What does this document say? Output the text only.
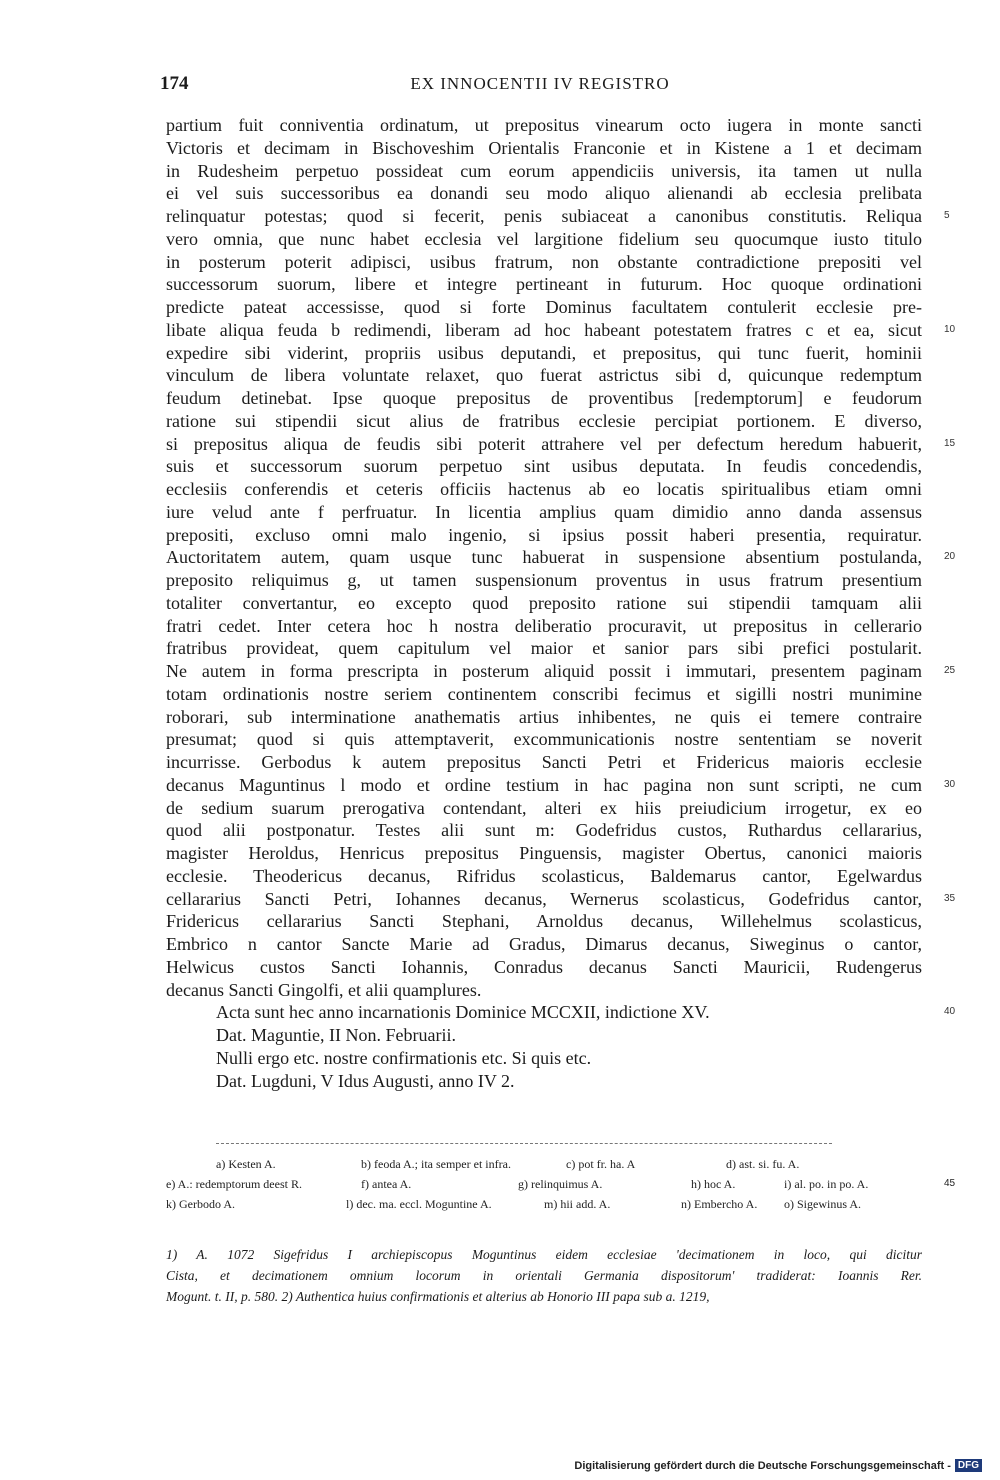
174	EX INNOCENTII IV REGISTRO
partium fuit conniventia ordinatum, ut prepositus vinearum octo iugera in monte sancti
Victoris et decimam in Bischoveshim Orientalis Franconie et in Kistene a 1 et decimam
in Rudesheim perpetuo possideat cum eorum appendiciis universis, ita tamen ut nulla
ei vel suis successoribus ea donandi seu modo aliquo alienandi ab ecclesia prelibata
relinquatur potestas; quod si fecerit, penis subiaceat a canonibus constitutis. Reliqua 5
vero omnia, que nunc habet ecclesia vel largitione fidelium seu quocumque iusto titulo
in posterum poterit adipisci, usibus fratrum, non obstante contradictione prepositi vel
successorum suorum, libere et integre pertineant in futurum. Hoc quoque ordinationi
predicte pateat accessisse, quod si forte Dominus facultatem contulerit ecclesie pre-
libate aliqua feuda b redimendi, liberam ad hoc habeant potestatem fratres c et ea, sicut 10
expedire sibi viderint, propriis usibus deputandi, et prepositus, qui tunc fuerit, hominii
vinculum de libera voluntate relaxet, quo fuerat astrictus sibi d, quicunque redemptum
feudum detinebat. Ipse quoque prepositus de proventibus [redemptorum] e feudorum
ratione sui stipendii sicut alius de fratribus ecclesie percipiat portionem. E diverso,
si prepositus aliqua de feudis sibi poterit attrahere vel per defectum heredum habuerit, 15
suis et successorum suorum perpetuo sint usibus deputata. In feudis concedendis,
ecclesiis conferendis et ceteris officiis hactenus ab eo locatis spiritualibus etiam omni
iure velud ante f perfruatur. In licentia amplius quam dimidio anno danda assensus
prepositi, excluso omni malo ingenio, si ipsius possit haberi presentia, requiratur.
Auctoritatem autem, quam usque tunc habuerat in suspensione absentium postulanda, 20
preposito reliquimus g, ut tamen suspensionum proventus in usus fratrum presentium
totaliter convertantur, eo excepto quod preposito ratione sui stipendii tamquam alii
fratri cedet. Inter cetera hoc h nostra deliberatio procuravit, ut prepositus in cellerario
fratribus provideat, quem capitulum vel maior et sanior pars sibi prefici postularit.
Ne autem in forma prescripta in posterum aliquid possit i immutari, presentem paginam 25
totam ordinationis nostre seriem continentem conscribi fecimus et sigilli nostri munimine
roborari, sub interminatione anathematis artius inhibentes, ne quis ei temere contraire
presumat; quod si quis attemptaverit, excommunicationis nostre sententiam se noverit
incurrisse. Gerbodus k autem prepositus Sancti Petri et Fridericus maioris ecclesie
decanus Maguntinus l modo et ordine testium in hac pagina non sunt scripti, ne cum 30
de sedium suarum prerogativa contendant, alteri ex hiis preiudicium irrogetur, ex eo
quod alii postponatur. Testes alii sunt m: Godefridus custos, Ruthardus cellararius,
magister Heroldus, Henricus prepositus Pinguensis, magister Obertus, canonici maioris
ecclesie. Theodericus decanus, Rifridus scolasticus, Baldemarus cantor, Egelwardus
cellararius Sancti Petri, Iohannes decanus, Wernerus scolasticus, Godefridus cantor, 35
Fridericus cellararius Sancti Stephani, Arnoldus decanus, Willehelmus scolasticus,
Embrico n cantor Sancte Marie ad Gradus, Dimarus decanus, Siweginus o cantor,
Helwicus custos Sancti Iohannis, Conradus decanus Sancti Mauricii, Rudengerus
decanus Sancti Gingolfi, et alii quamplures.
Acta sunt hec anno incarnationis Dominice MCCXII, indictione XV.	40
Dat. Maguntie, II Non. Februarii.
Nulli ergo etc. nostre confirmationis etc. Si quis etc.
Dat. Lugduni, V Idus Augusti, anno IV 2.
a) Kesten A.	b) feoda A.; ita semper et infra.	c) pot fr. ha. A	d) ast. si. fu. A.
e) A.: redemptorum deest R.	f) antea A.	g) relinquimus A.	h) hoc A.	i) al. po. in po. A.	45
k) Gerbodo A.	l) dec. ma. eccl. Moguntine A.	m) hii add. A.	n) Embercho A. o) Sigewinus A.
1) A. 1072 Sigefridus I archiepiscopus Moguntinus eidem ecclesiae 'decimationem in loco, qui dicitur
Cista, et decimationem omnium locorum in orientali Germania dispositorum' tradiderat: Ioannis Rer.
Mogunt. t. II, p. 580. 2) Authentica huius confirmationis et alterius ab Honorio III papa sub a. 1219,
Digitalisierung gefördert durch die Deutsche Forschungsgemeinschaft - DFG
